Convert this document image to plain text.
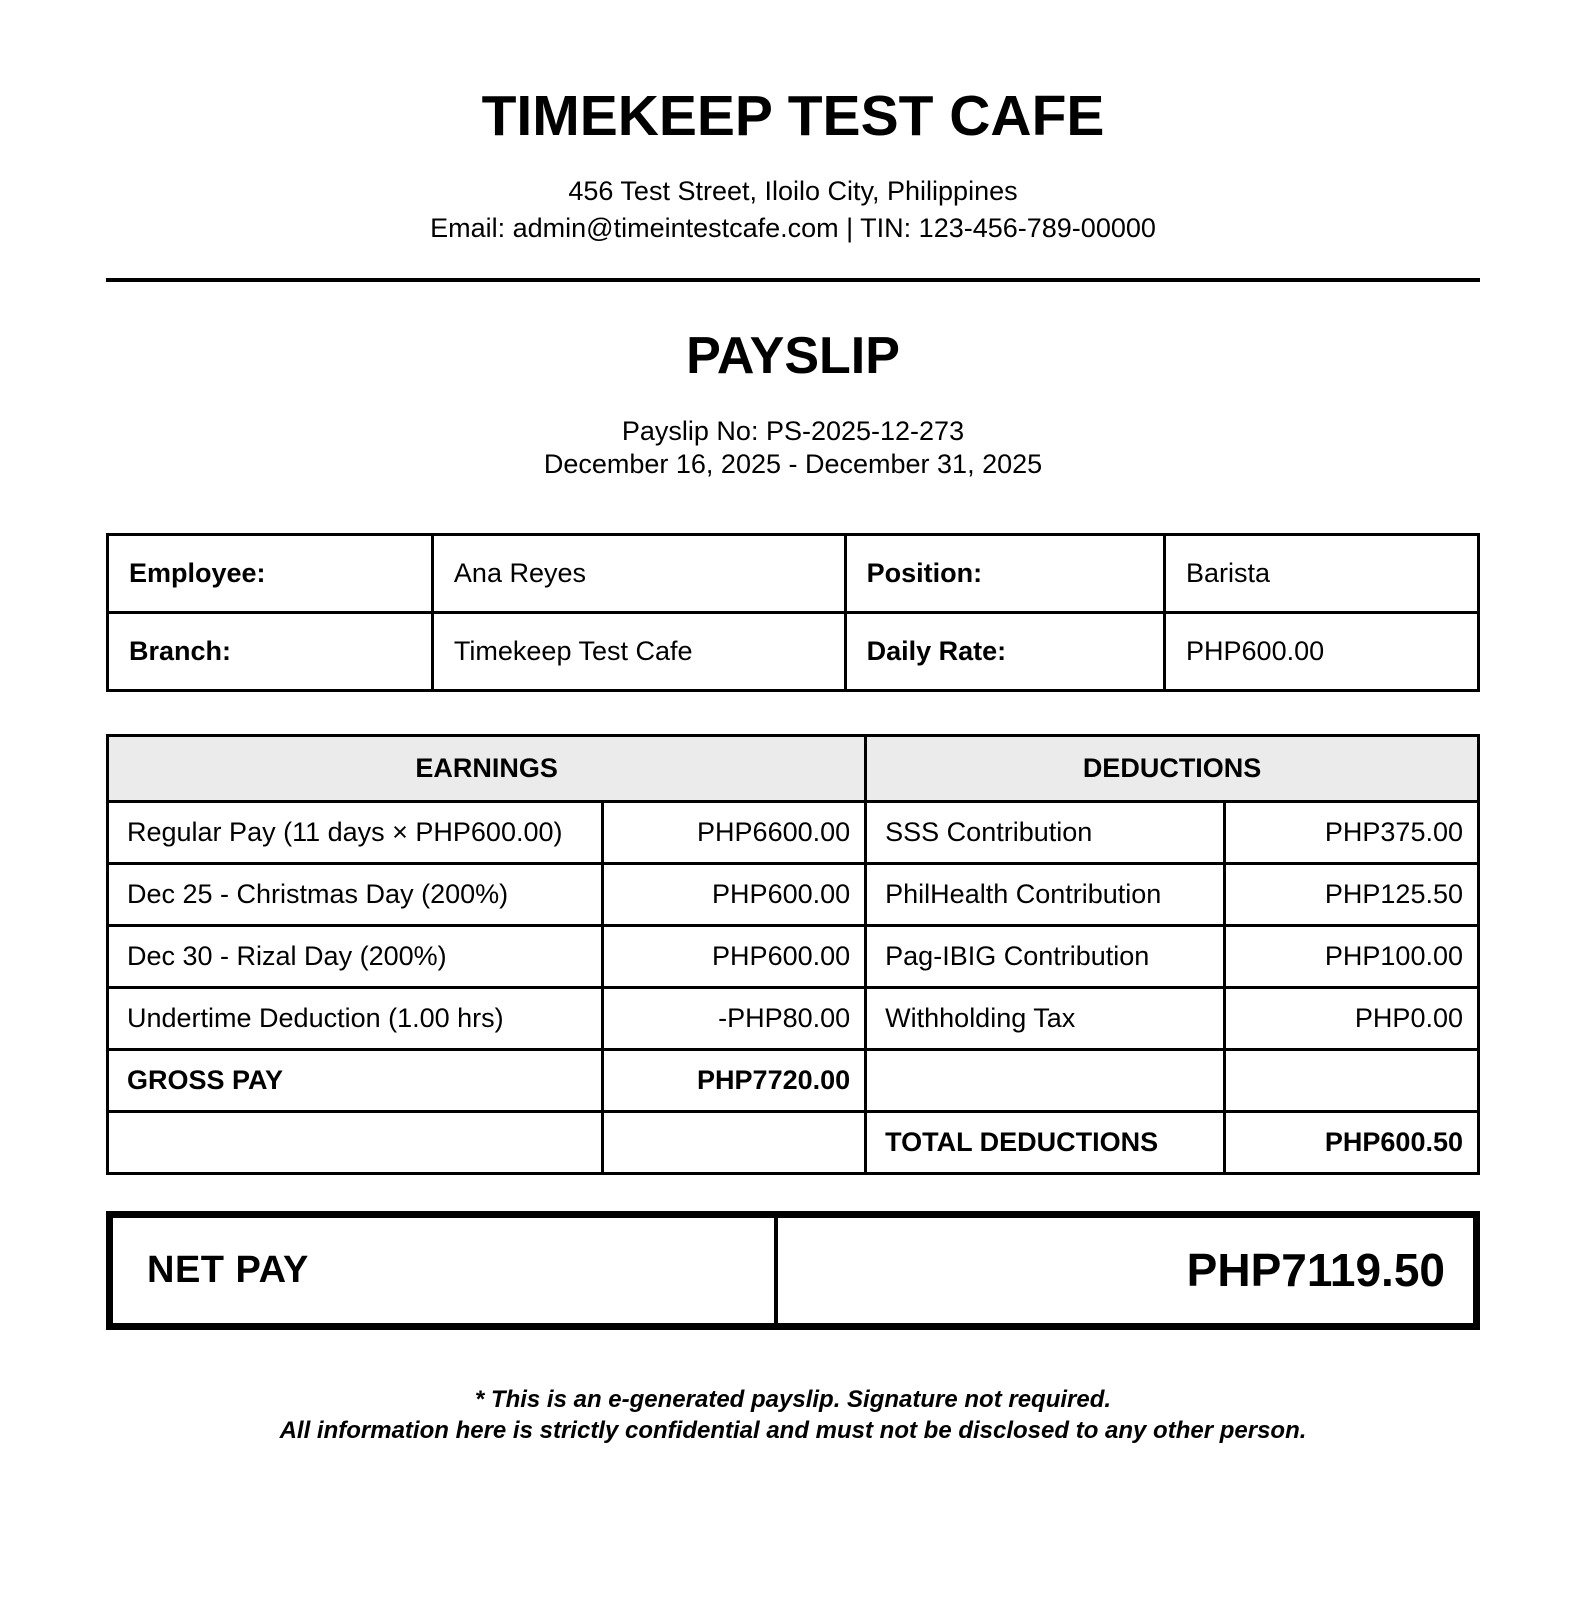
TIMEKEEP TEST CAFE
456 Test Street, Iloilo City, Philippines
Email: admin@timeintestcafe.com | TIN: 123-456-789-00000
PAYSLIP
Payslip No: PS-2025-12-273
December 16, 2025 - December 31, 2025
Employee:	Ana Reyes	Position:	Barista
Branch:	Timekeep Test Cafe	Daily Rate:	PHP600.00
EARNINGS		DEDUCTIONS	
Regular Pay (11 days × PHP600.00)	PHP6600.00	SSS Contribution	PHP375.00
Dec 25 - Christmas Day (200%)	PHP600.00	PhilHealth Contribution	PHP125.50
Dec 30 - Rizal Day (200%)	PHP600.00	Pag-IBIG Contribution	PHP100.00
Undertime Deduction (1.00 hrs)	-PHP80.00	Withholding Tax	PHP0.00
GROSS PAY	PHP7720.00		
		TOTAL DEDUCTIONS	PHP600.50
NET PAY	PHP7119.50
* This is an e-generated payslip. Signature not required.
All information here is strictly confidential and must not be disclosed to any other person.
